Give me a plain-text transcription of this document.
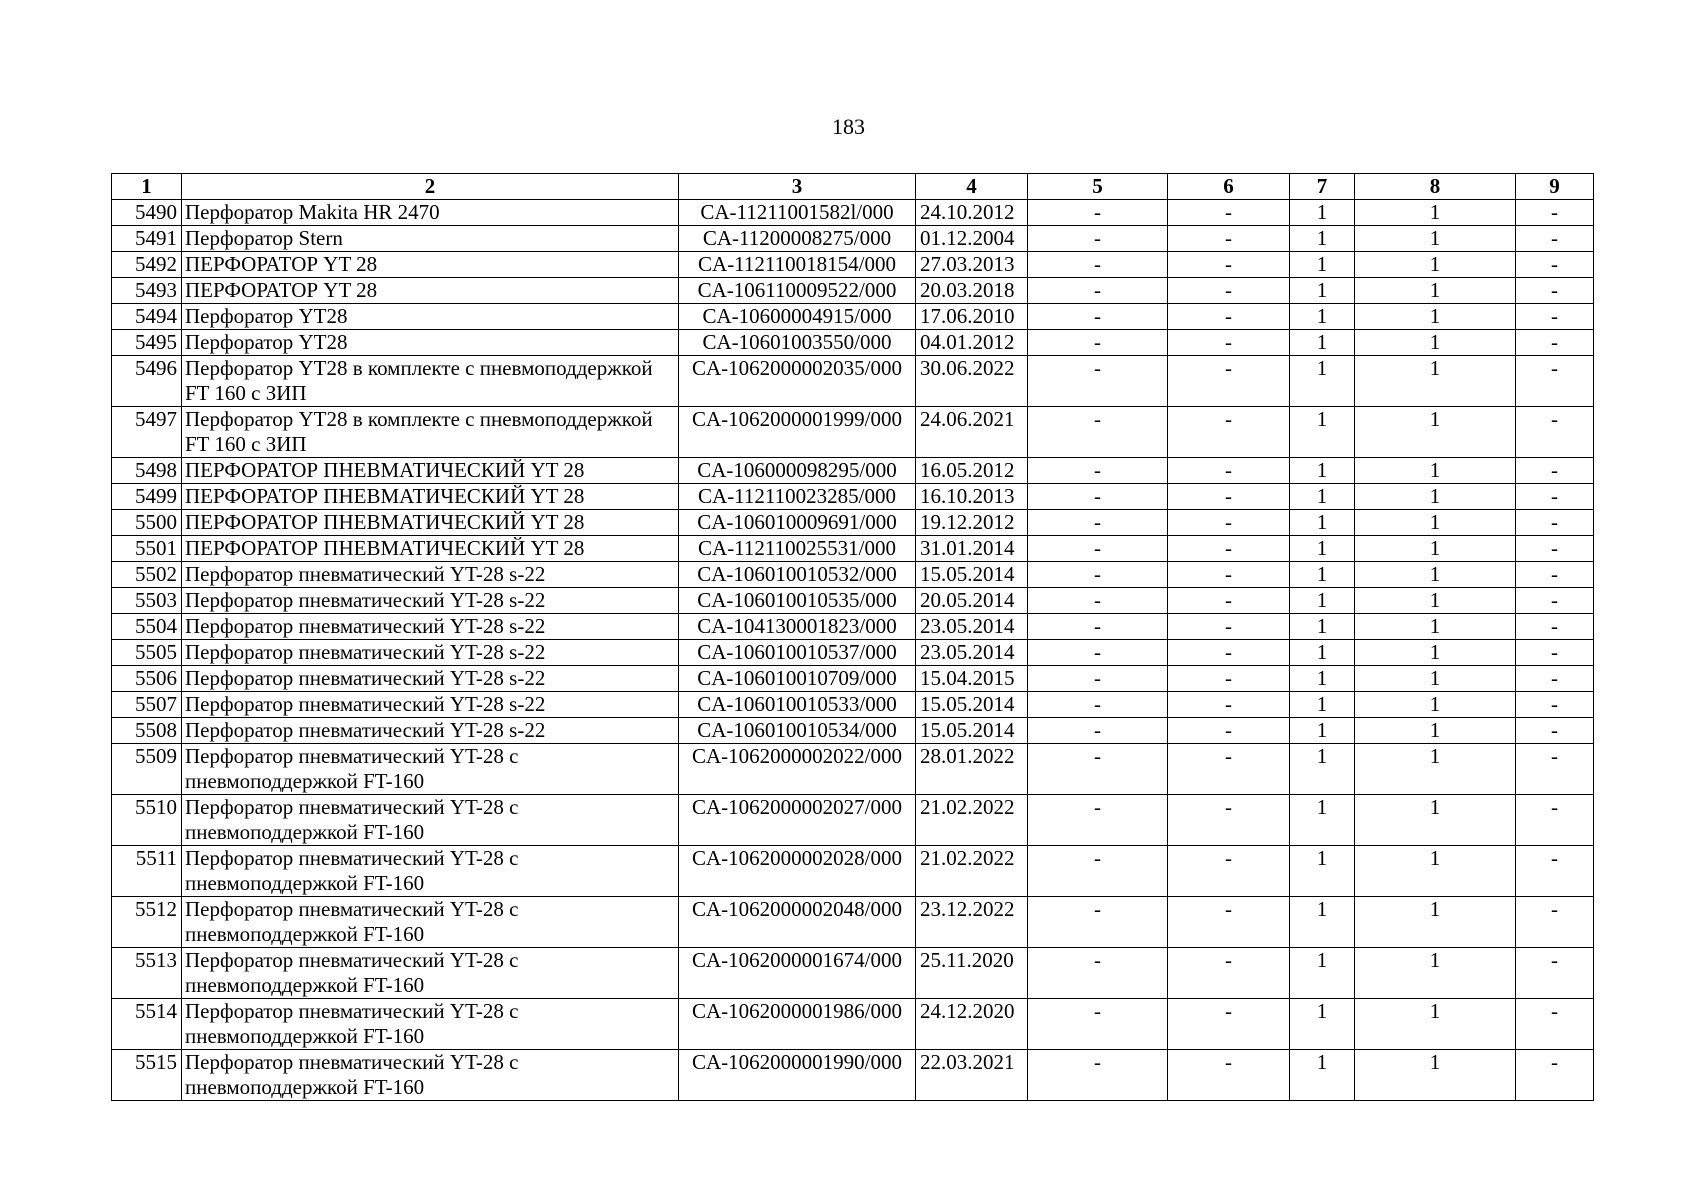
183
1	2	3	4	5	6	7	8	9
5490	Перфоратор Makita HR 2470	CA-11211001582l/000	24.10.2012	-	-	1	1	-
5491	Перфоратор Stern	CA-11200008275/000	01.12.2004	-	-	1	1	-
5492	ПЕРФОРАТОР YT 28	CA-112110018154/000	27.03.2013	-	-	1	1	-
5493	ПЕРФОРАТОР YT 28	CA-106110009522/000	20.03.2018	-	-	1	1	-
5494	Перфоратор YT28	CA-10600004915/000	17.06.2010	-	-	1	1	-
5495	Перфоратор YT28	CA-10601003550/000	04.01.2012	-	-	1	1	-
5496	Перфоратор YT28 в комплекте с пневмоподдержкой FT 160 с ЗИП	CA-1062000002035/000	30.06.2022	-	-	1	1	-
5497	Перфоратор YT28 в комплекте с пневмоподдержкой FT 160 с ЗИП	CA-1062000001999/000	24.06.2021	-	-	1	1	-
5498	ПЕРФОРАТОР ПНЕВМАТИЧЕСКИЙ YT 28	CA-106000098295/000	16.05.2012	-	-	1	1	-
5499	ПЕРФОРАТОР ПНЕВМАТИЧЕСКИЙ YT 28	CA-112110023285/000	16.10.2013	-	-	1	1	-
5500	ПЕРФОРАТОР ПНЕВМАТИЧЕСКИЙ YT 28	CA-106010009691/000	19.12.2012	-	-	1	1	-
5501	ПЕРФОРАТОР ПНЕВМАТИЧЕСКИЙ YT 28	CA-112110025531/000	31.01.2014	-	-	1	1	-
5502	Перфоратор пневматический YT-28 s-22	CA-106010010532/000	15.05.2014	-	-	1	1	-
5503	Перфоратор пневматический YT-28 s-22	CA-106010010535/000	20.05.2014	-	-	1	1	-
5504	Перфоратор пневматический YT-28 s-22	CA-104130001823/000	23.05.2014	-	-	1	1	-
5505	Перфоратор пневматический YT-28 s-22	CA-106010010537/000	23.05.2014	-	-	1	1	-
5506	Перфоратор пневматический YT-28 s-22	CA-106010010709/000	15.04.2015	-	-	1	1	-
5507	Перфоратор пневматический YT-28 s-22	CA-106010010533/000	15.05.2014	-	-	1	1	-
5508	Перфоратор пневматический YT-28 s-22	CA-106010010534/000	15.05.2014	-	-	1	1	-
5509	Перфоратор пневматический YT-28 с пневмоподдержкой FT-160	CA-1062000002022/000	28.01.2022	-	-	1	1	-
5510	Перфоратор пневматический YT-28 с пневмоподдержкой FT-160	CA-1062000002027/000	21.02.2022	-	-	1	1	-
5511	Перфоратор пневматический YT-28 с пневмоподдержкой FT-160	CA-1062000002028/000	21.02.2022	-	-	1	1	-
5512	Перфоратор пневматический YT-28 с пневмоподдержкой FT-160	CA-1062000002048/000	23.12.2022	-	-	1	1	-
5513	Перфоратор пневматический YT-28 с пневмоподдержкой FT-160	CA-1062000001674/000	25.11.2020	-	-	1	1	-
5514	Перфоратор пневматический YT-28 с пневмоподдержкой FT-160	CA-1062000001986/000	24.12.2020	-	-	1	1	-
5515	Перфоратор пневматический YT-28 с пневмоподдержкой FT-160	CA-1062000001990/000	22.03.2021	-	-	1	1	-
